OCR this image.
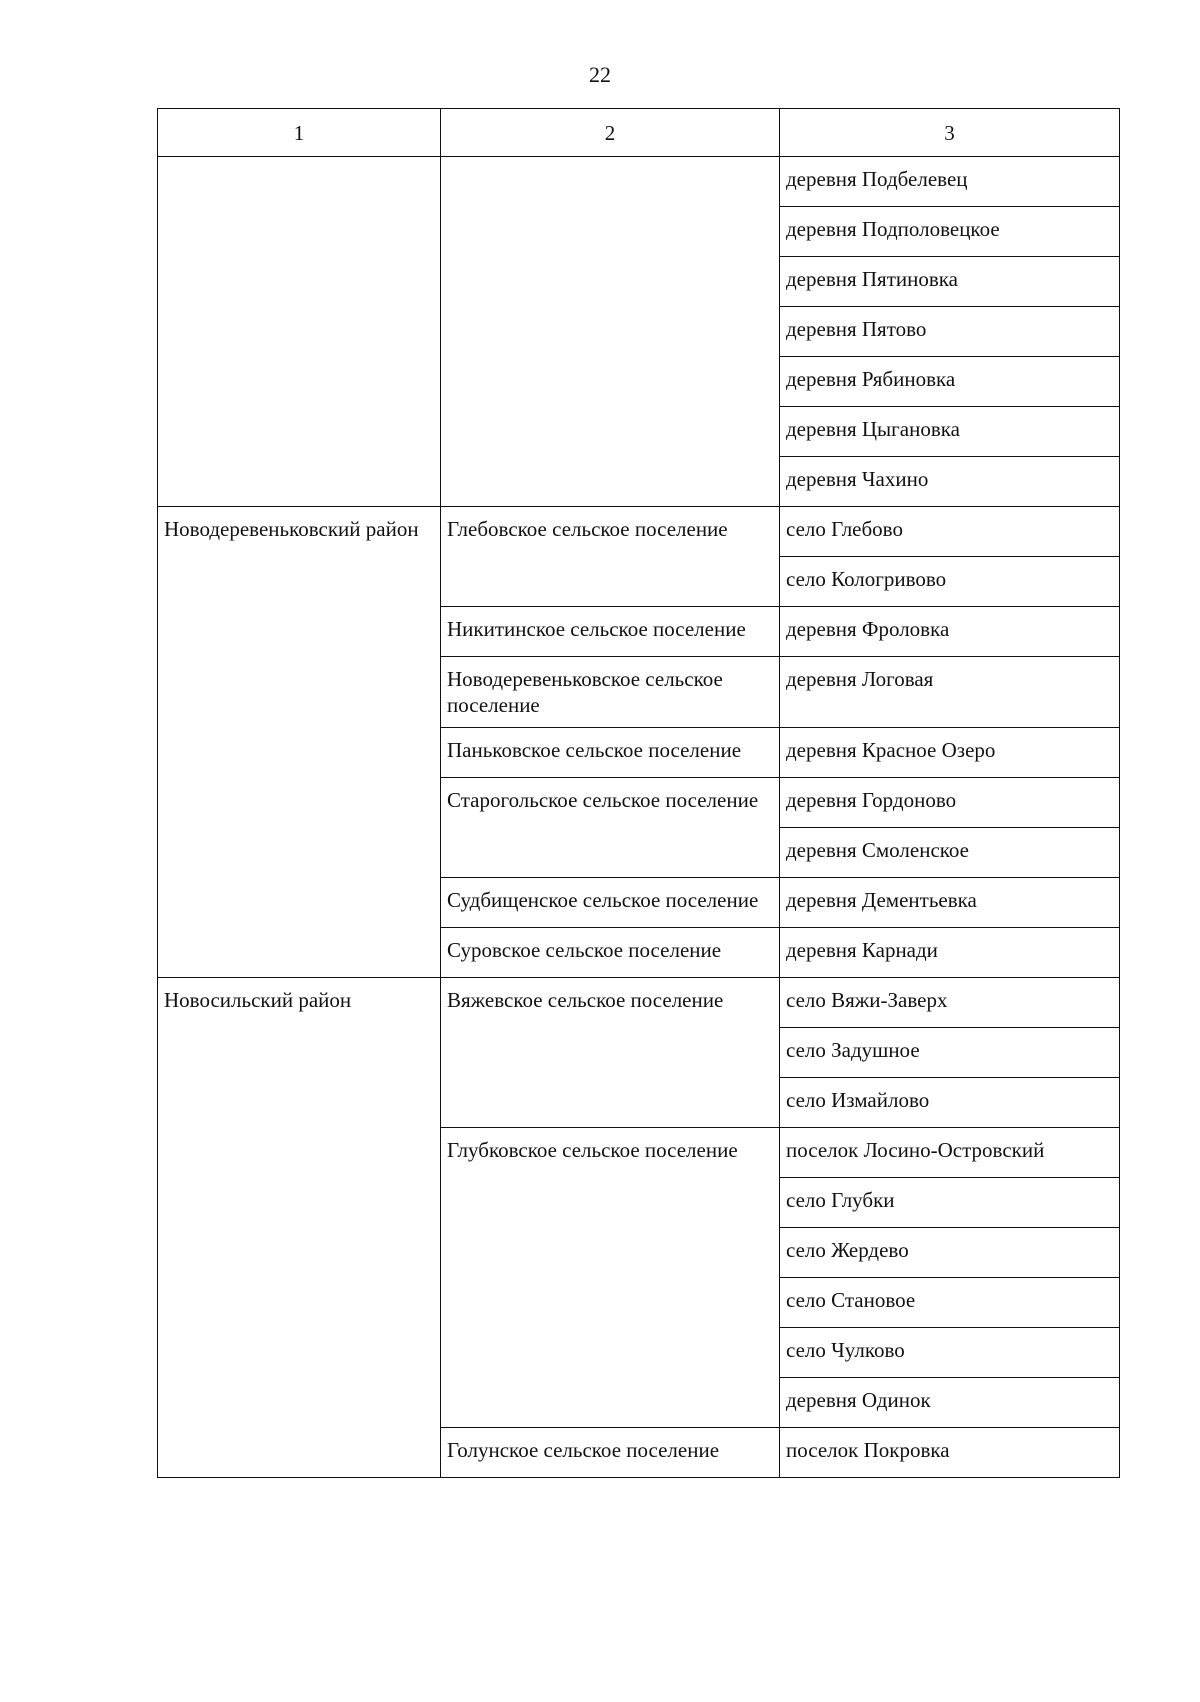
22
1	2	3
		деревня Подбелевец
		деревня Подполовецкое
		деревня Пятиновка
		деревня Пятово
		деревня Рябиновка
		деревня Цыгановка
		деревня Чахино
Новодеревеньковский район	Глебовское сельское поселение	село Глебово
		село Кологривово
	Никитинское сельское поселение	деревня Фроловка
	Новодеревеньковское сельское поселение	деревня Логовая
	Паньковское сельское поселение	деревня Красное Озеро
	Старогольское сельское поселение	деревня Гордоново
		деревня Смоленское
	Судбищенское сельское поселение	деревня Дементьевка
	Суровское сельское поселение	деревня Карнади
Новосильский район	Вяжевское сельское поселение	село Вяжи-Заверх
		село Задушное
		село Измайлово
	Глубковское сельское поселение	поселок Лосино-Островский
		село Глубки
		село Жердево
		село Становое
		село Чулково
		деревня Одинок
	Голунское сельское поселение	поселок Покровка
